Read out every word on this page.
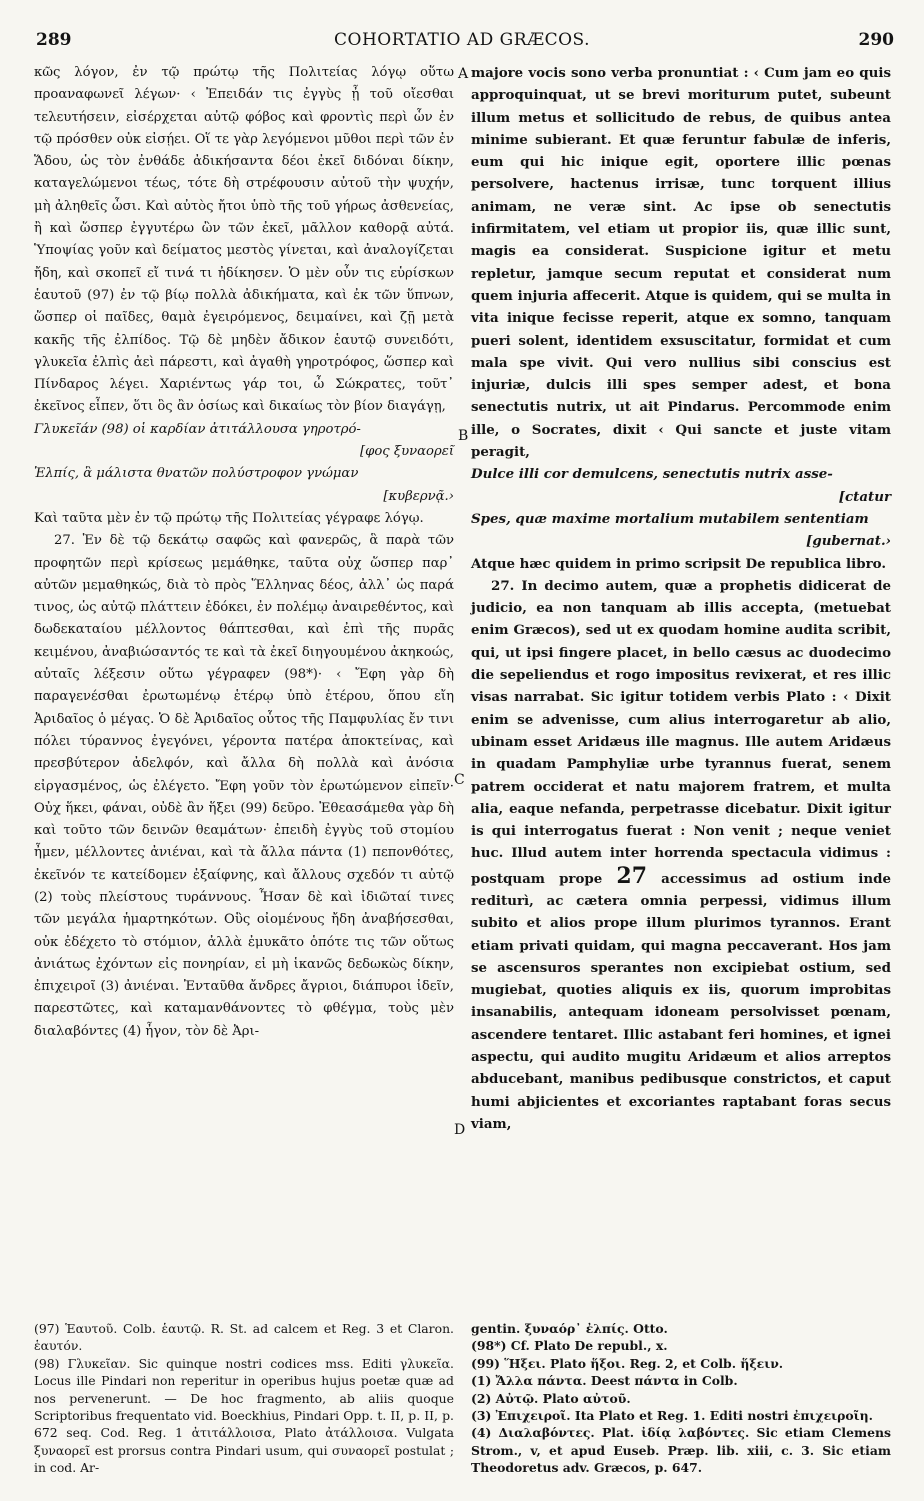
289	COHORTATIO AD GRÆCOS.	290
A
B
C
D

κῶς λόγον, ἐν τῷ πρώτῳ τῆς Πολιτείας λόγῳ οὕτω προαναφωνεῖ λέγων· ‹ Ἐπειδάν τις ἐγγὺς ᾖ τοῦ οἴεσθαι τελευτήσειν, εἰσέρχεται αὐτῷ φόβος καὶ φροντὶς περὶ ὧν ἐν τῷ πρόσθεν οὐκ εἰσῄει. Οἵ τε γὰρ λεγόμενοι μῦθοι περὶ τῶν ἐν Ἅδου, ὡς τὸν ἐνθάδε ἀδικήσαντα δέοι ἐκεῖ διδόναι δίκην, καταγελώμενοι τέως, τότε δὴ στρέφουσιν αὐτοῦ τὴν ψυχήν, μὴ ἀληθεῖς ὦσι. Καὶ αὐτὸς ἤτοι ὑπὸ τῆς τοῦ γήρως ἀσθενείας, ἢ καὶ ὥσπερ ἐγγυτέρω ὢν τῶν ἐκεῖ, μᾶλλον καθορᾷ αὐτά. Ὑποψίας γοῦν καὶ δείματος μεστὸς γίνεται, καὶ ἀναλογίζεται ἤδη, καὶ σκοπεῖ εἴ τινά τι ἠδίκησεν. Ὁ μὲν οὖν τις εὑρίσκων ἑαυτοῦ (97) ἐν τῷ βίῳ πολλὰ ἀδικήματα, καὶ ἐκ τῶν ὕπνων, ὥσπερ οἱ παῖδες, θαμὰ ἐγειρόμενος, δειμαίνει, καὶ ζῇ μετὰ κακῆς τῆς ἐλπίδος. Τῷ δὲ μηδὲν ἄδικον ἑαυτῷ συνειδότι, γλυκεῖα ἐλπὶς ἀεὶ πάρεστι, καὶ ἀγαθὴ γηροτρόφος, ὥσπερ καὶ Πίνδαρος λέγει. Χαριέντως γάρ τοι, ὦ Σώκρατες, τοῦτ᾽ ἐκεῖνος εἶπεν, ὅτι ὃς ἂν ὁσίως καὶ δικαίως τὸν βίον διαγάγῃ,

Γλυκεῖάν (98) οἱ καρδίαν ἀτιτάλλουσα γηροτρό-

[φος ξυναορεῖ

Ἐλπίς, ἃ μάλιστα θνατῶν πολύστροφον γνώμαν

[κυβερνᾷ.›

Καὶ ταῦτα μὲν ἐν τῷ πρώτῳ τῆς Πολιτείας γέγραφε λόγῳ.

27. Ἐν δὲ τῷ δεκάτῳ σαφῶς καὶ φανερῶς, ἃ παρὰ τῶν προφητῶν περὶ κρίσεως μεμάθηκε, ταῦτα οὐχ ὥσπερ παρ᾽ αὐτῶν μεμαθηκώς, διὰ τὸ πρὸς Ἕλληνας δέος, ἀλλ᾽ ὡς παρά τινος, ὡς αὐτῷ πλάττειν ἐδόκει, ἐν πολέμῳ ἀναιρεθέντος, καὶ δωδεκαταίου μέλλοντος θάπτεσθαι, καὶ ἐπὶ τῆς πυρᾶς κειμένου, ἀναβιώσαντός τε καὶ τὰ ἐκεῖ διηγουμένου ἀκηκοώς, αὐταῖς λέξεσιν οὕτω γέγραφεν (98*)· ‹ Ἔφη γὰρ δὴ παραγενέσθαι ἐρωτωμένῳ ἑτέρῳ ὑπὸ ἑτέρου, ὅπου εἴη Ἀριδαῖος ὁ μέγας. Ὁ δὲ Ἀριδαῖος οὗτος τῆς Παμφυλίας ἔν τινι πόλει τύραννος ἐγεγόνει, γέροντα πατέρα ἀποκτείνας, καὶ πρεσβύτερον ἀδελφόν, καὶ ἄλλα δὴ πολλὰ καὶ ἀνόσια εἰργασμένος, ὡς ἐλέγετο. Ἔφη γοῦν τὸν ἐρωτώμενον εἰπεῖν· Οὐχ ἥκει, φάναι, οὐδὲ ἂν ἥξει (99) δεῦρο. Ἐθεασάμεθα γὰρ δὴ καὶ τοῦτο τῶν δεινῶν θεαμάτων· ἐπειδὴ ἐγγὺς τοῦ στομίου ἦμεν, μέλλοντες ἀνιέναι, καὶ τὰ ἄλλα πάντα (1) πεπονθότες, ἐκεῖνόν τε κατείδομεν ἐξαίφνης, καὶ ἄλλους σχεδόν τι αὐτῷ (2) τοὺς πλείστους τυράννους. Ἦσαν δὲ καὶ ἰδιῶταί τινες τῶν μεγάλα ἡμαρτηκότων. Οὓς οἰομένους ἤδη ἀναβήσεσθαι, οὐκ ἐδέχετο τὸ στόμιον, ἀλλὰ ἐμυκᾶτο ὁπότε τις τῶν οὕτως ἀνιάτως ἐχόντων εἰς πονηρίαν, εἰ μὴ ἱκανῶς δεδωκὼς δίκην, ἐπιχειροῖ (3) ἀνιέναι. Ἐνταῦθα ἄνδρες ἄγριοι, διάπυροι ἰδεῖν, παρεστῶτες, καὶ καταμανθάνοντες τὸ φθέγμα, τοὺς μὲν διαλαβόντες (4) ἦγον, τὸν δὲ Ἀρι-

majore vocis sono verba pronuntiat : ‹ Cum jam eo quis approquinquat, ut se brevi moriturum putet, subeunt illum metus et sollicitudo de rebus, de quibus antea minime subierant. Et quæ feruntur fabulæ de inferis, eum qui hic inique egit, oportere illic pœnas persolvere, hactenus irrisæ, tunc torquent illius animam, ne veræ sint. Ac ipse ob senectutis infirmitatem, vel etiam ut propior iis, quæ illic sunt, magis ea considerat. Suspicione igitur et metu repletur, jamque secum reputat et considerat num quem injuria affecerit. Atque is quidem, qui se multa in vita inique fecisse reperit, atque ex somno, tanquam pueri solent, identidem exsuscitatur, formidat et cum mala spe vivit. Qui vero nullius sibi conscius est injuriæ, dulcis illi spes semper adest, et bona senectutis nutrix, ut ait Pindarus. Percommode enim ille, o Socrates, dixit ‹ Qui sancte et juste vitam peragit,

Dulce illi cor demulcens, senectutis nutrix asse-

[ctatur

Spes, quæ maxime mortalium mutabilem sententiam

[gubernat.›

Atque hæc quidem in primo scripsit De republica libro.

27. In decimo autem, quæ a prophetis didicerat de judicio, ea non tanquam ab illis accepta, (metuebat enim Græcos), sed ut ex quodam homine audita scribit, qui, ut ipsi fingere placet, in bello cæsus ac duodecimo die sepeliendus et rogo impositus revixerat, et res illic visas narrabat. Sic igitur totidem verbis Plato : ‹ Dixit enim se advenisse, cum alius interrogaretur ab alio, ubinam esset Aridæus ille magnus. Ille autem Aridæus in quadam Pamphyliæ urbe tyrannus fuerat, senem patrem occiderat et natu majorem fratrem, et multa alia, eaque nefanda, perpetrasse dicebatur. Dixit igitur is qui interrogatus fuerat : Non venit ; neque veniet huc. Illud autem inter horrenda spectacula vidimus : postquam prope 27 accessimus ad ostium inde rediturì, ac cætera omnia perpessi, vidimus illum subito et alios prope illum plurimos tyrannos. Erant etiam privati quidam, qui magna peccaverant. Hos jam se ascensuros sperantes non excipiebat ostium, sed mugiebat, quoties aliquis ex iis, quorum improbitas insanabilis, antequam idoneam persolvisset pœnam, ascendere tentaret. Illic astabant feri homines, et ignei aspectu, qui audito mugitu Aridæum et alios arreptos abducebant, manibus pedibusque constrictos, et caput humi abjicientes et excoriantes raptabant foras secus viam,

(97) Ἑαυτοῦ. Colb. ἑαυτῷ. R. St. ad calcem et Reg. 3 et Claron. ἑαυτόν.

(98) Γλυκεῖαν. Sic quinque nostri codices mss. Editi γλυκεῖα. Locus ille Pindari non reperitur in operibus hujus poetæ quæ ad nos pervenerunt. — De hoc fragmento, ab aliis quoque Scriptoribus frequentato vid. Boeckhius, Pindari Opp. t. II, p. II, p. 672 seq. Cod. Reg. 1 ἀτιτάλλοισα, Plato ἀτάλλοισα. Vulgata ξυναορεῖ est prorsus contra Pindari usum, qui συναορεῖ postulat ; in cod. Ar-

gentin. ξυναόρ᾽ ἐλπίς. Otto.

(98*) Cf. Plato De republ., x.

(99) Ἥξει. Plato ἥξοι. Reg. 2, et Colb. ἥξειν.

(1) Ἄλλα πάντα. Deest πάντα in Colb.

(2) Αὐτῷ. Plato αὐτοῦ.

(3) Ἐπιχειροῖ. Ita Plato et Reg. 1. Editi nostri ἐπιχειροῖη.

(4) Διαλαβόντες. Plat. ἰδίᾳ λαβόντες. Sic etiam Clemens Strom., v, et apud Euseb. Præp. lib. xiii, c. 3. Sic etiam Theodoretus adv. Græcos, p. 647.
